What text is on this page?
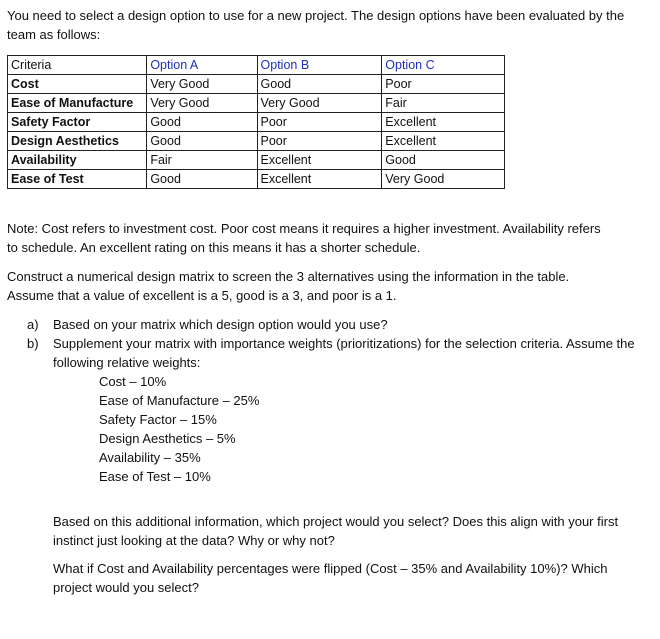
You need to select a design option to use for a new project. The design options have been evaluated by the team as follows:

Criteria	Option A	Option B	Option C
Cost	Very Good	Good	Poor
Ease of Manufacture	Very Good	Very Good	Fair
Safety Factor	Good	Poor	Excellent
Design Aesthetics	Good	Poor	Excellent
Availability	Fair	Excellent	Good
Ease of Test	Good	Excellent	Very Good

Note: Cost refers to investment cost. Poor cost means it requires a higher investment. Availability refers to schedule. An excellent rating on this means it has a shorter schedule.

Construct a numerical design matrix to screen the 3 alternatives using the information in the table. Assume that a value of excellent is a 5, good is a 3, and poor is a 1.

a) Based on your matrix which design option would you use?
b) Supplement your matrix with importance weights (prioritizations) for the selection criteria. Assume the following relative weights:
Cost – 10%
Ease of Manufacture – 25%
Safety Factor – 15%
Design Aesthetics – 5%
Availability – 35%
Ease of Test – 10%

Based on this additional information, which project would you select? Does this align with your first instinct just looking at the data? Why or why not?

What if Cost and Availability percentages were flipped (Cost – 35% and Availability 10%)? Which project would you select?
